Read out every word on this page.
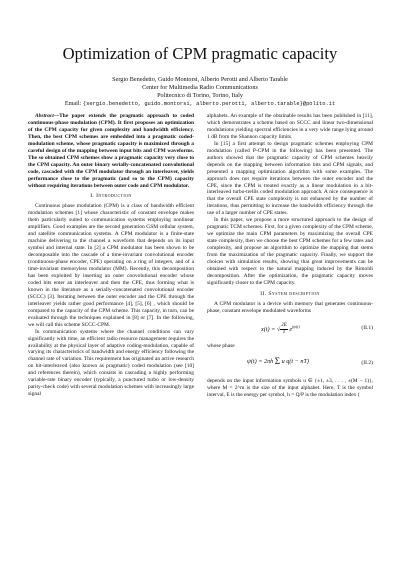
Optimization of CPM pragmatic capacity
Sergio Benedetto, Guido Montorsi, Alberto Perotti and Alberto Tarable
Center for Multimedia Radio Communications
Politecnico di Torino, Torino, Italy
Email: {sergio.benedetto, guido.montorsi, alberto.perotti, alberto.tarable}@polito.it

Abstract—The paper extends the pragmatic approach to coded continuous-phase modulation (CPM). It first proposes an optimization of the CPM capacity for given complexity and bandwidth efficiency. Then, the best CPM schemes are embedded into a pragmatic coded-modulation scheme, whose pragmatic capacity is maximized through a careful design of the mapping between input bits and CPM waveforms. The so obtained CPM schemes show a pragmatic capacity very close to the CPM capacity. An outer binary serially-concatenated convolutional code, cascaded with the CPM modulator through an interleaver, yields performance close to the pragmatic (and so to the CPM) capacity without requiring iterations between outer code and CPM modulator.

I. Introduction

Continuous phase modulation (CPM) is a class of bandwidth efficient modulation schemes [1] whose characteristic of constant envelope makes them particularly suited to communication systems employing nonlinear amplifiers. Good examples are the second generation GSM cellular system, and satellite communication systems. A CPM modulator is a finite-state machine delivering to the channel a waveform that depends on its input symbol and internal state. In [2] a CPM modulator has been shown to be decomposable into the cascade of a time-invariant convolutional encoder (continuous-phase encoder, CPE) operating on a ring of integers, and of a time-invariant memoryless modulator (MM). Recently, this decomposition has been exploited by inserting an outer convolutional encoder whose coded bits enter an interleaver and then the CPE, thus forming what is known in the literature as a serially-concatenated convolutional encoder (SCCC) [3]. Iterating between the outer encoder and the CPE through the interleaver yields rather good performance [4], [5], [6] , which should be compared to the capacity of the CPM scheme. This capacity, in turn, can be evaluated through the techniques explained in [8] or [7]. In the following, we will call this scheme SCCC-CPM.

In communication systems where the channel conditions can vary significantly with time, an efficient radio resource management requires the availability at the physical layer of adaptive coding-modulation, capable of varying its characteristics of bandwidth and energy efficiency following the channel rate of variation. This requirement has originated an active research on bit-interleaved (also known as pragmatic) coded modulation (see [10] and references therein), which consists in cascading a highly performing variable-rate binary encoder (typically, a punctured turbo or low-density parity-check code) with several modulation schemes with increasingly large signal

alphabets. An example of the obtainable results has been published in [11], which demonstrates a scheme based on SCCC and linear two-dimensional modulations yielding spectral efficiencies in a very wide range lying around 1 dB from the Shannon capacity limits.

In [15] a first attempt to design pragmatic schemes employing CPM modulation (called P-CPM in the following) has been presented. The authors showed that the pragmatic capacity of CPM schemes heavily depends on the mapping between information bits and CPM signals, and presented a mapping optimization algorithm with some examples. The approach does not require iterations between the outer encoder and the CPE, since the CPM is treated exactly as a linear modulation in a bit-interleaved turbo-trellis coded modulation approach. A nice consequence is that the overall CPE state complexity is not enhanced by the number of iterations, thus permitting to increase the bandwidth efficiency through the use of a larger number of CPE states.

In this paper, we propose a more structured approach to the design of pragmatic TCM schemes. First, for a given complexity of the CPM scheme, we optimize the main CPM parameters by maximizing the overall CPE state complexity, then we choose the best CPM schemes for a few rates and complexity, and propose an algorithm to optimize the mapping that stems from the maximization of the pragmatic capacity. Finally, we support the choices with simulation results, showing that great improvements can be obtained with respect to the natural mapping induced by the Rimoldi decomposition. After the optimization, the pragmatic capacity moves significantly closer to the CPM capacity.

II. System description

A CPM modulator is a device with memory that generates continuous-phase, constant envelope modulated waveforms

x(t) = √ $\frac{2E}{T} e^{j\psi(t)}$	(II.1)

whose phase

ψ(t) = 2πh Σ u q(t − nT)	(II.2)

depends on the input information symbols u ∈ {±1, ±3, . . . , ±(M − 1)}, where M = 2^m is the size of the input alphabet. Here, T is the symbol interval, E is the energy per symbol, h = Q/P is the modulation index (
